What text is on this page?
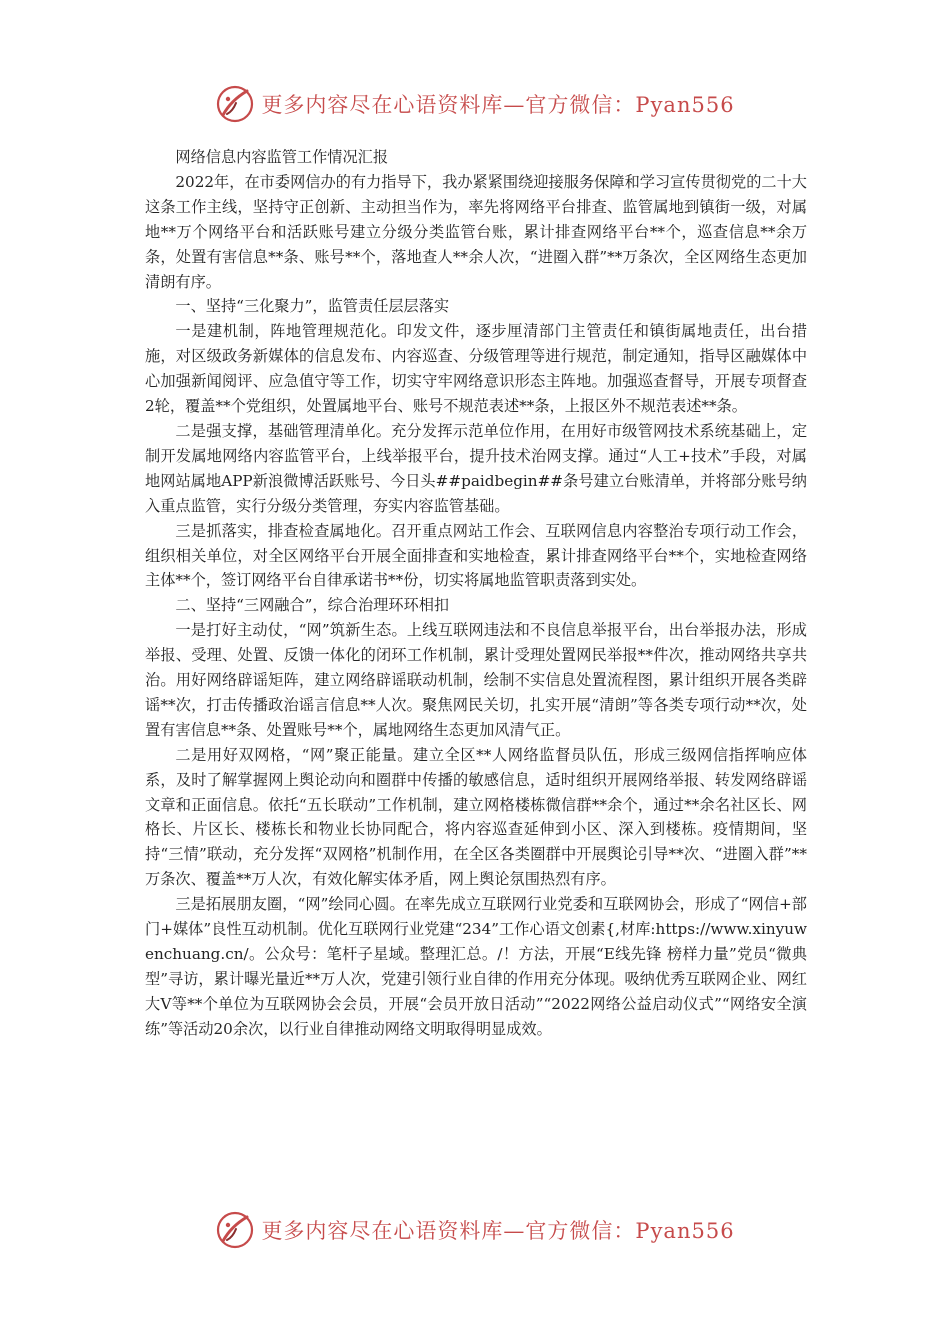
更多内容尽在心语资料库—官方微信：Pyan556

网络信息内容监管工作情况汇报

2022年，在市委网信办的有力指导下，我办紧紧围绕迎接服务保障和学习宣传贯彻党的二十大这条工作主线，坚持守正创新、主动担当作为，率先将网络平台排查、监管属地到镇街一级，对属地**万个网络平台和活跃账号建立分级分类监管台账，累计排查网络平台**个，巡查信息**余万条，处置有害信息**条、账号**个，落地查人**余人次，“进圈入群”**万条次，全区网络生态更加清朗有序。

一、坚持“三化聚力”，监管责任层层落实

一是建机制，阵地管理规范化。印发文件，逐步厘清部门主管责任和镇街属地责任，出台措施，对区级政务新媒体的信息发布、内容巡查、分级管理等进行规范，制定通知，指导区融媒体中心加强新闻阅评、应急值守等工作，切实守牢网络意识形态主阵地。加强巡查督导，开展专项督查2轮，覆盖**个党组织，处置属地平台、账号不规范表述**条，上报区外不规范表述**条。

二是强支撑，基础管理清单化。充分发挥示范单位作用，在用好市级管网技术系统基础上，定制开发属地网络内容监管平台，上线举报平台，提升技术治网支撑。通过“人工+技术”手段，对属地网站属地APP新浪微博活跃账号、今日头##paidbegin##条号建立台账清单，并将部分账号纳入重点监管，实行分级分类管理，夯实内容监管基础。

三是抓落实，排查检查属地化。召开重点网站工作会、互联网信息内容整治专项行动工作会，组织相关单位，对全区网络平台开展全面排查和实地检查，累计排查网络平台**个，实地检查网络主体**个，签订网络平台自律承诺书**份，切实将属地监管职责落到实处。

二、坚持“三网融合”，综合治理环环相扣

一是打好主动仗，“网”筑新生态。上线互联网违法和不良信息举报平台，出台举报办法，形成举报、受理、处置、反馈一体化的闭环工作机制，累计受理处置网民举报**件次，推动网络共享共治。用好网络辟谣矩阵，建立网络辟谣联动机制，绘制不实信息处置流程图，累计组织开展各类辟谣**次，打击传播政治谣言信息**人次。聚焦网民关切，扎实开展“清朗”等各类专项行动**次，处置有害信息**条、处置账号**个，属地网络生态更加风清气正。

二是用好双网格，“网”聚正能量。建立全区**人网络监督员队伍，形成三级网信指挥响应体系，及时了解掌握网上舆论动向和圈群中传播的敏感信息，适时组织开展网络举报、转发网络辟谣文章和正面信息。依托“五长联动”工作机制，建立网格楼栋微信群**余个，通过**余名社区长、网格长、片区长、楼栋长和物业长协同配合，将内容巡查延伸到小区、深入到楼栋。疫情期间，坚持“三情”联动，充分发挥“双网格”机制作用，在全区各类圈群中开展舆论引导**次、“进圈入群”**万条次、覆盖**万人次，有效化解实体矛盾，网上舆论氛围热烈有序。

三是拓展朋友圈，“网”绘同心圆。在率先成立互联网行业党委和互联网协会，形成了“网信+部门+媒体”良性互动机制。优化互联网行业党建“234”工作心语文创素{,材库:https://www.xinyuwenchuang.cn/。公众号：笔杆子星域。整理汇总。/！方法，开展“E线先锋 榜样力量”党员“微典型”寻访，累计曝光量近**万人次，党建引领行业自律的作用充分体现。吸纳优秀互联网企业、网红大V等**个单位为互联网协会会员，开展“会员开放日活动”“2022网络公益启动仪式”“网络安全演练”等活动20余次，以行业自律推动网络文明取得明显成效。

更多内容尽在心语资料库—官方微信：Pyan556
